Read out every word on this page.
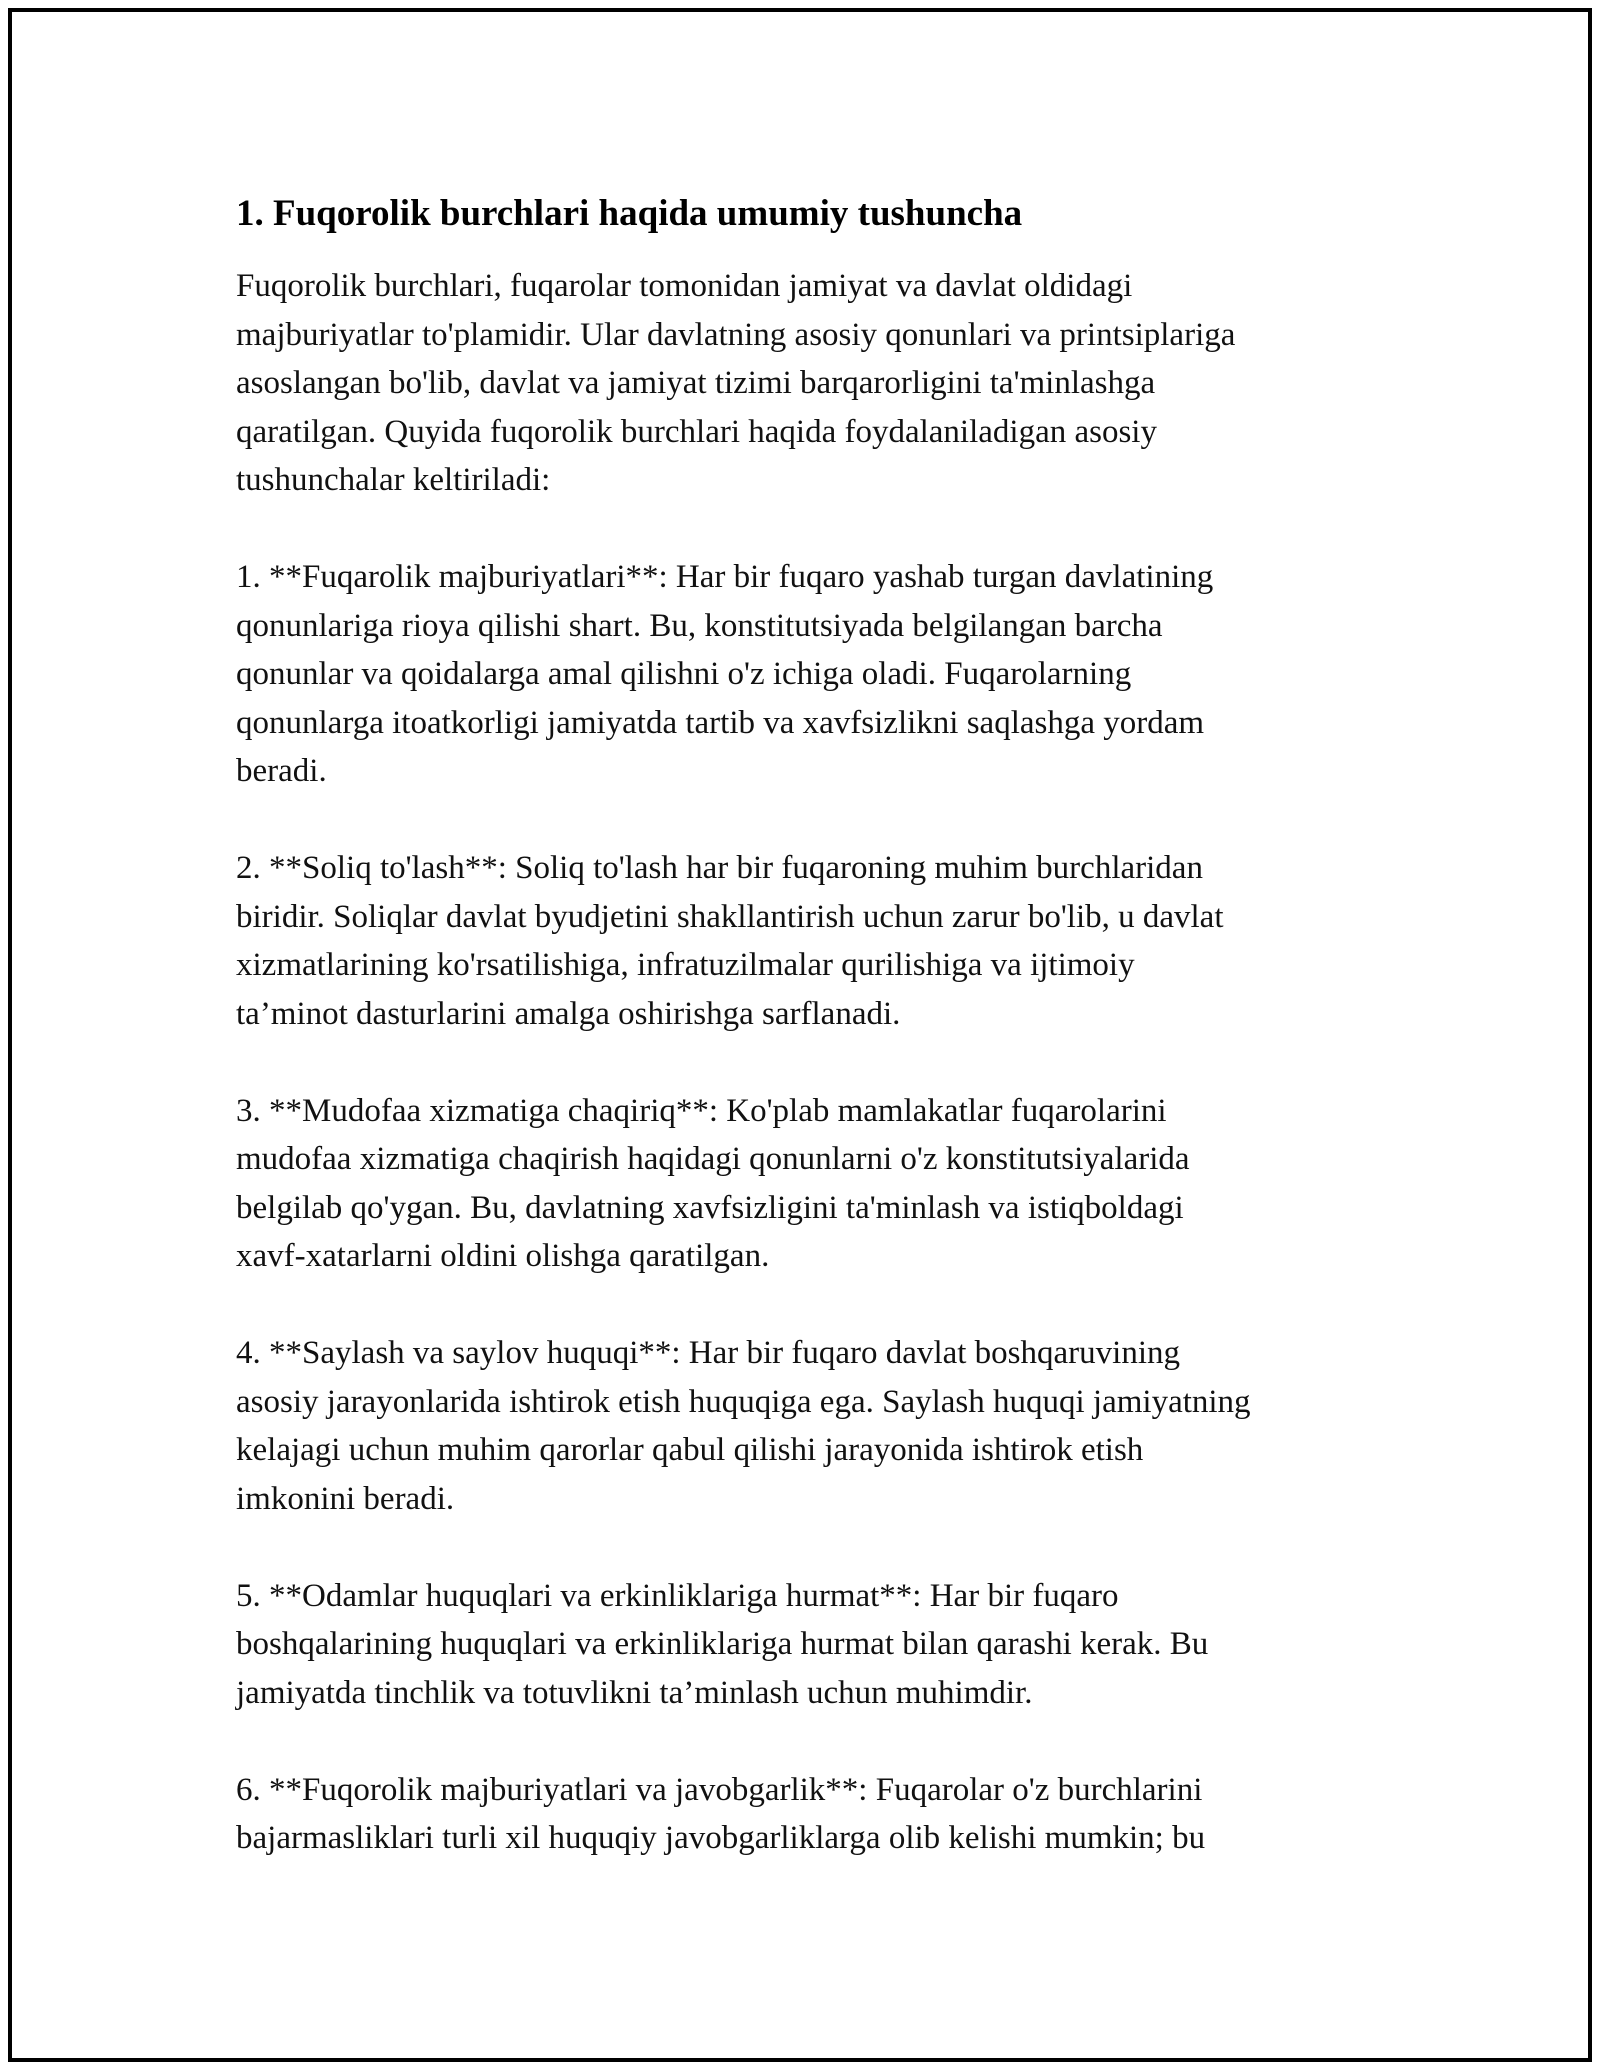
1. Fuqorolik burchlari haqida umumiy tushuncha

Fuqorolik burchlari, fuqarolar tomonidan jamiyat va davlat oldidagi
majburiyatlar to'plamidir. Ular davlatning asosiy qonunlari va printsiplariga
asoslangan bo'lib, davlat va jamiyat tizimi barqarorligini ta'minlashga
qaratilgan. Quyida fuqorolik burchlari haqida foydalaniladigan asosiy
tushunchalar keltiriladi:

1. **Fuqarolik majburiyatlari**: Har bir fuqaro yashab turgan davlatining
qonunlariga rioya qilishi shart. Bu, konstitutsiyada belgilangan barcha
qonunlar va qoidalarga amal qilishni o'z ichiga oladi. Fuqarolarning
qonunlarga itoatkorligi jamiyatda tartib va xavfsizlikni saqlashga yordam
beradi.

2. **Soliq to'lash**: Soliq to'lash har bir fuqaroning muhim burchlaridan
biridir. Soliqlar davlat byudjetini shakllantirish uchun zarur bo'lib, u davlat
xizmatlarining ko'rsatilishiga, infratuzilmalar qurilishiga va ijtimoiy
ta’minot dasturlarini amalga oshirishga sarflanadi.

3. **Mudofaa xizmatiga chaqiriq**: Ko'plab mamlakatlar fuqarolarini
mudofaa xizmatiga chaqirish haqidagi qonunlarni o'z konstitutsiyalarida
belgilab qo'ygan. Bu, davlatning xavfsizligini ta'minlash va istiqboldagi
xavf-xatarlarni oldini olishga qaratilgan.

4. **Saylash va saylov huquqi**: Har bir fuqaro davlat boshqaruvining
asosiy jarayonlarida ishtirok etish huquqiga ega. Saylash huquqi jamiyatning
kelajagi uchun muhim qarorlar qabul qilishi jarayonida ishtirok etish
imkonini beradi.

5. **Odamlar huquqlari va erkinliklariga hurmat**: Har bir fuqaro
boshqalarining huquqlari va erkinliklariga hurmat bilan qarashi kerak. Bu
jamiyatda tinchlik va totuvlikni ta’minlash uchun muhimdir.

6. **Fuqorolik majburiyatlari va javobgarlik**: Fuqarolar o'z burchlarini
bajarmasliklari turli xil huquqiy javobgarliklarga olib kelishi mumkin; bu
